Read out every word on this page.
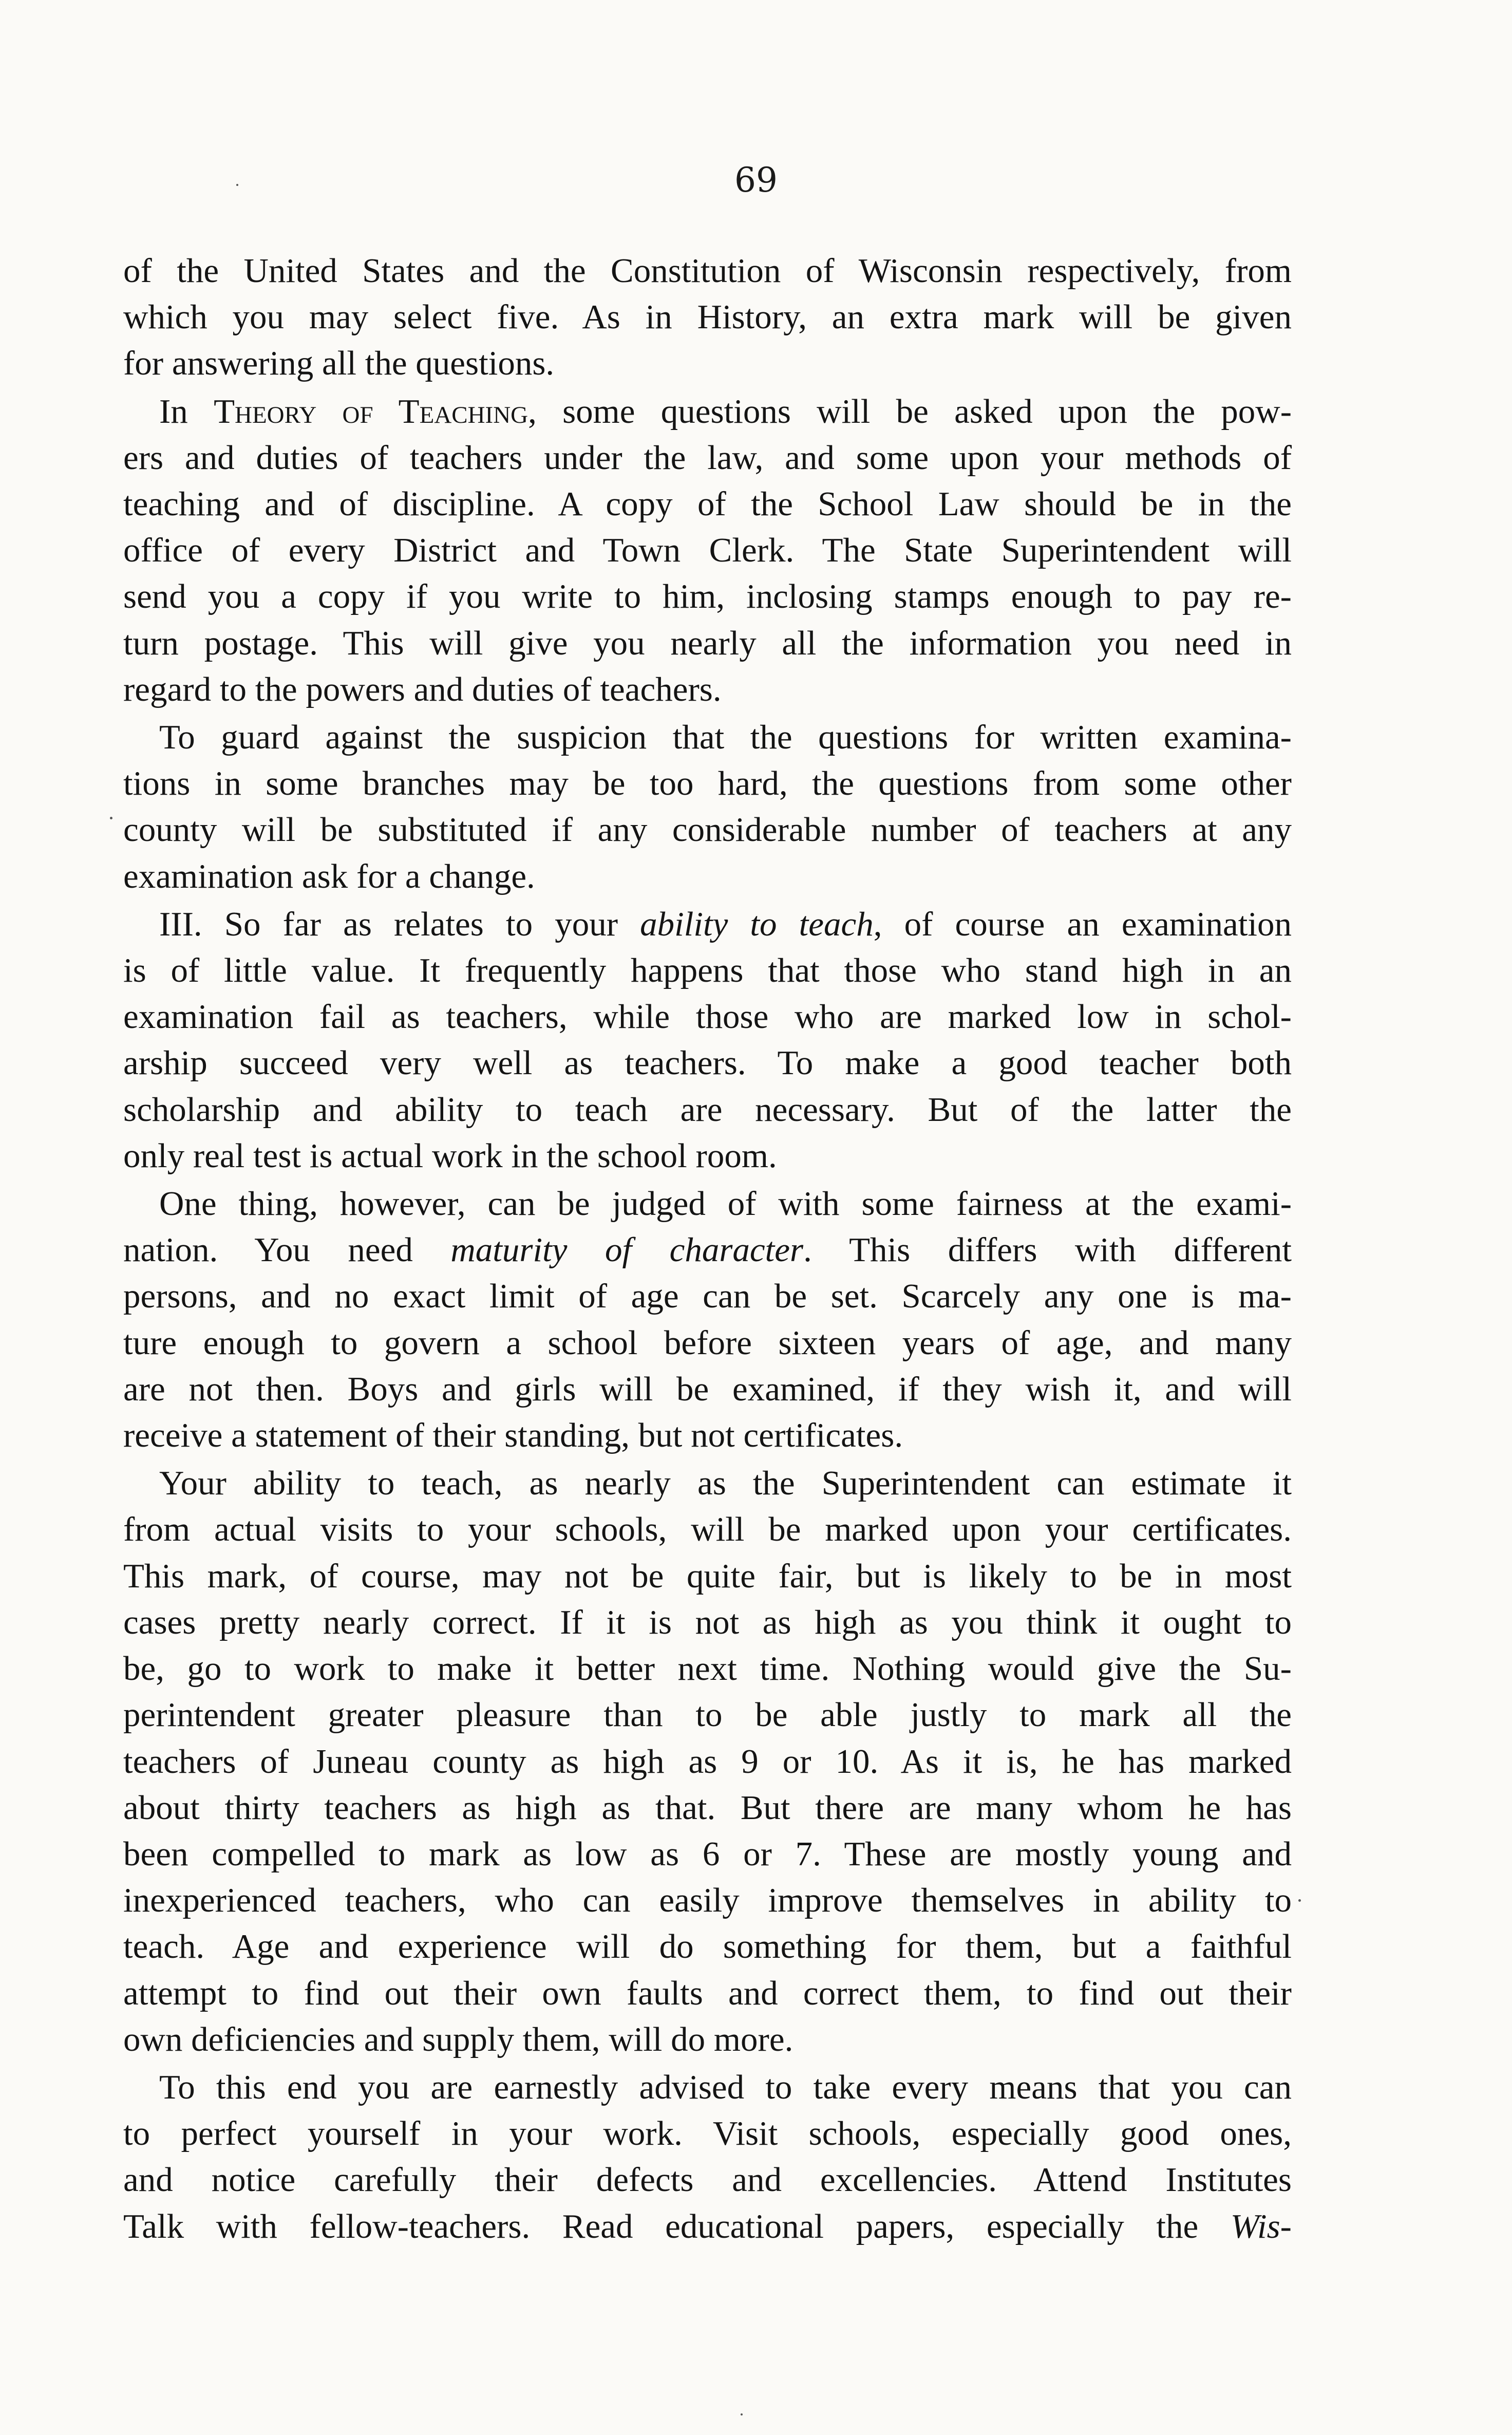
69

of the United States and the Constitution of Wisconsin respectively, from
which you may select five. As in History, an extra mark will be given
for answering all the questions.

In Theory of Teaching, some questions will be asked upon the pow-
ers and duties of teachers under the law, and some upon your methods of
teaching and of discipline. A copy of the School Law should be in the
office of every District and Town Clerk. The State Superintendent will
send you a copy if you write to him, inclosing stamps enough to pay re-
turn postage. This will give you nearly all the information you need in
regard to the powers and duties of teachers.

To guard against the suspicion that the questions for written examina-
tions in some branches may be too hard, the questions from some other
county will be substituted if any considerable number of teachers at any
examination ask for a change.

III. So far as relates to your ability to teach, of course an examination
is of little value. It frequently happens that those who stand high in an
examination fail as teachers, while those who are marked low in schol-
arship succeed very well as teachers. To make a good teacher both
scholarship and ability to teach are necessary. But of the latter the
only real test is actual work in the school room.

One thing, however, can be judged of with some fairness at the exami-
nation. You need maturity of character. This differs with different
persons, and no exact limit of age can be set. Scarcely any one is ma-
ture enough to govern a school before sixteen years of age, and many
are not then. Boys and girls will be examined, if they wish it, and will
receive a statement of their standing, but not certificates.

Your ability to teach, as nearly as the Superintendent can estimate it
from actual visits to your schools, will be marked upon your certificates.
This mark, of course, may not be quite fair, but is likely to be in most
cases pretty nearly correct. If it is not as high as you think it ought to
be, go to work to make it better next time. Nothing would give the Su-
perintendent greater pleasure than to be able justly to mark all the
teachers of Juneau county as high as 9 or 10. As it is, he has marked
about thirty teachers as high as that. But there are many whom he has
been compelled to mark as low as 6 or 7. These are mostly young and
inexperienced teachers, who can easily improve themselves in ability to
teach. Age and experience will do something for them, but a faithful
attempt to find out their own faults and correct them, to find out their
own deficiencies and supply them, will do more.

To this end you are earnestly advised to take every means that you can
to perfect yourself in your work. Visit schools, especially good ones,
and notice carefully their defects and excellencies. Attend Institutes
Talk with fellow-teachers. Read educational papers, especially the Wis-
